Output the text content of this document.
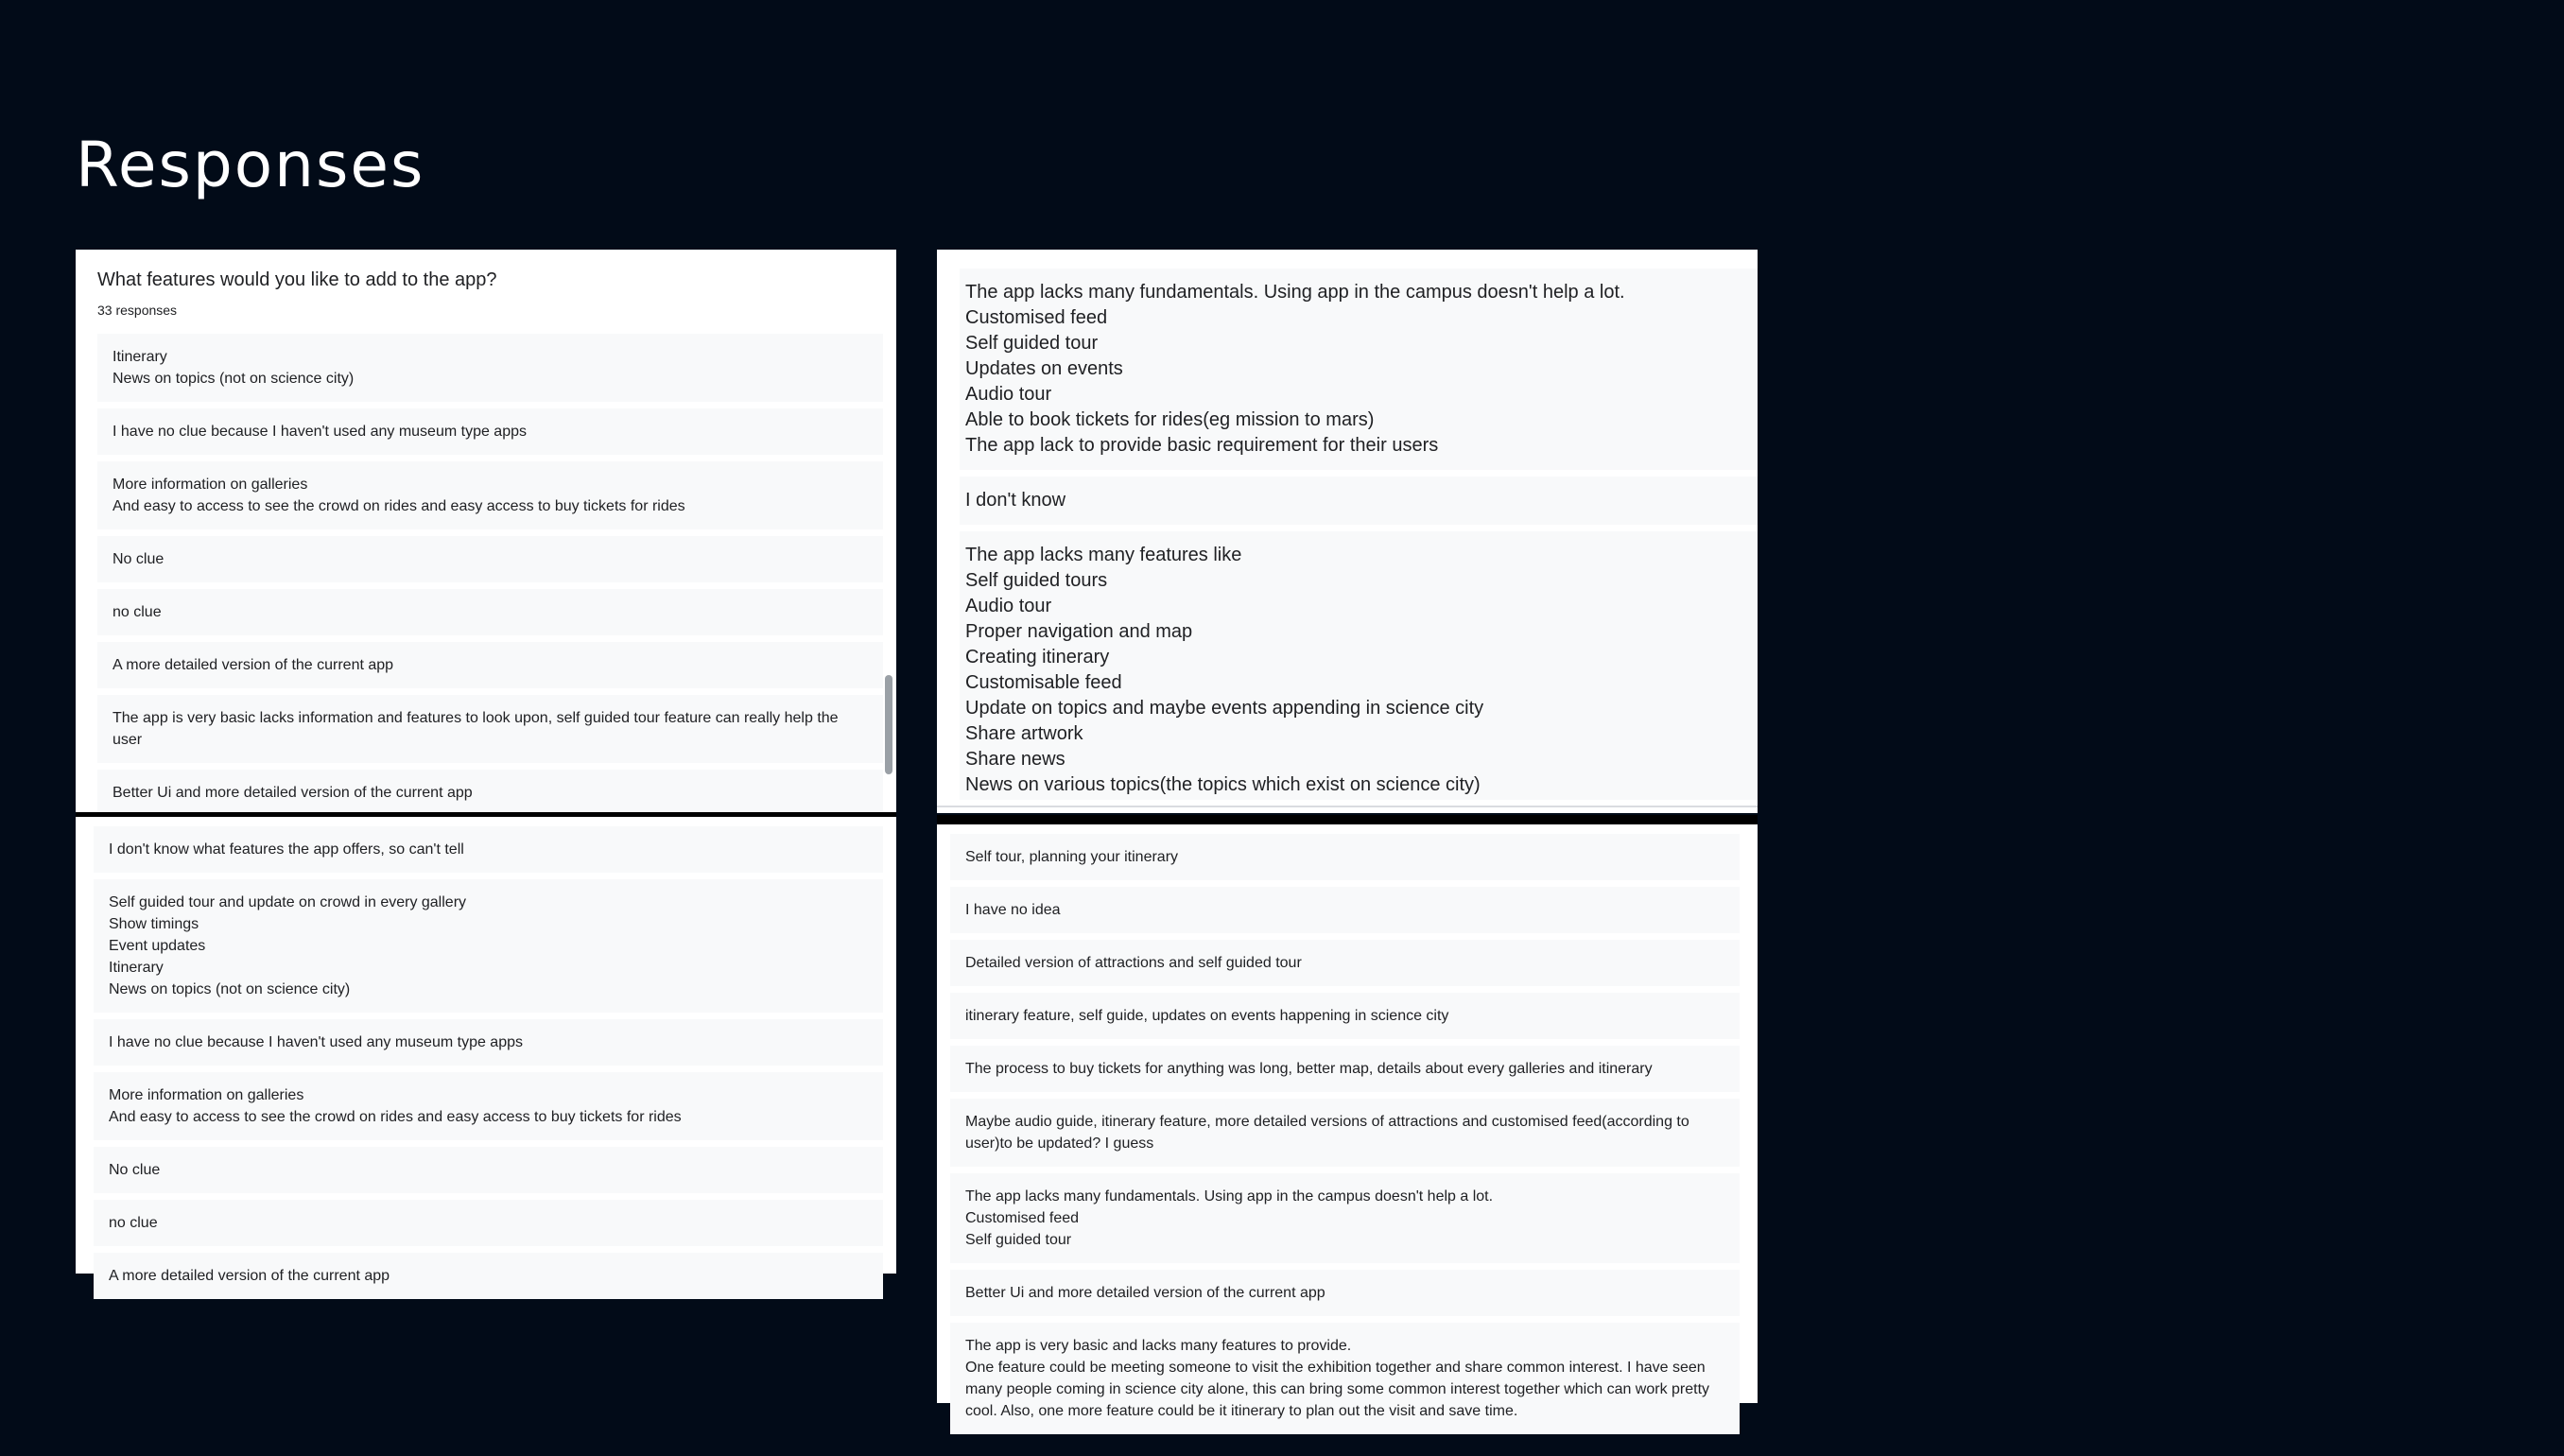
Responses
What features would you like to add to the app?
33 responses
Itinerary
News on topics (not on science city)
I have no clue because I haven't used any museum type apps
More information on galleries
And easy to access to see the crowd on rides and easy access to buy tickets for rides
No clue
no clue
A more detailed version of the current app
The app is very basic lacks information and features to look upon, self guided tour feature can really help the user
Better Ui and more detailed version of the current app
The app lacks many fundamentals. Using app in the campus doesn't help a lot.
Customised feed
Self guided tour
Updates on events
Audio tour
Able to book tickets for rides(eg mission to mars)
The app lack to provide basic requirement for their users
I don't know
The app lacks many features like
Self guided tours
Audio tour
Proper navigation and map
Creating itinerary
Customisable feed
Update on topics and maybe events appending in science city
Share artwork
Share news
News on various topics(the topics which exist on science city)
I don't know what features the app offers, so can't tell
Self guided tour and update on crowd in every gallery
Show timings
Event updates
Itinerary
News on topics (not on science city)
I have no clue because I haven't used any museum type apps
More information on galleries
And easy to access to see the crowd on rides and easy access to buy tickets for rides
No clue
no clue
A more detailed version of the current app
Self tour, planning your itinerary
I have no idea
Detailed version of attractions and self guided tour
itinerary feature, self guide, updates on events happening in science city
The process to buy tickets for anything was long, better map, details about every galleries and itinerary
Maybe audio guide, itinerary feature, more detailed versions of attractions and customised feed(according to user)to be updated? I guess
The app lacks many fundamentals. Using app in the campus doesn't help a lot.
Customised feed
Self guided tour
Better Ui and more detailed version of the current app
The app is very basic and lacks many features to provide.
One feature could be meeting someone to visit the exhibition together and share common interest. I have seen many people coming in science city alone, this can bring some common interest together which can work pretty cool. Also, one more feature could be it itinerary to plan out the visit and save time.
